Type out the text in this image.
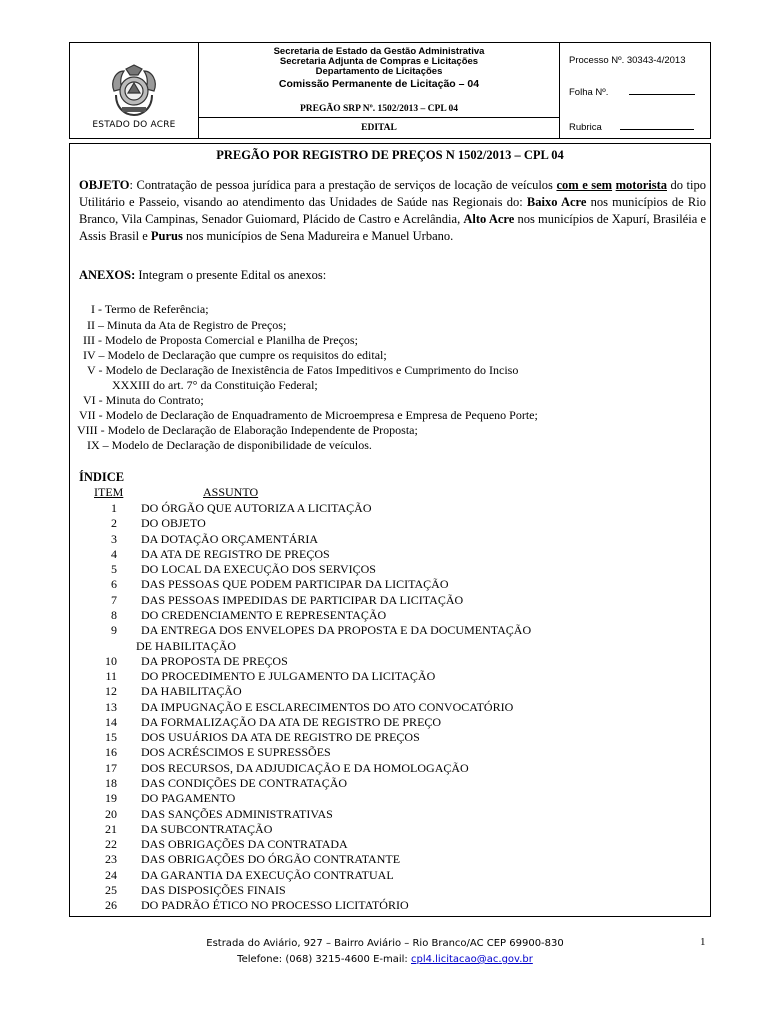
ESTADO DO ACRE
Secretaria de Estado da Gestão Administrativa
Secretaria Adjunta de Compras e Licitações
Departamento de Licitações
Comissão Permanente de Licitação – 04
PREGÃO SRP Nº. 1502/2013 – CPL 04
EDITAL
Processo Nº. 30343-4/2013
Folha Nº.
Rubrica
PREGÃO POR REGISTRO DE PREÇOS N 1502/2013 – CPL 04
OBJETO: Contratação de pessoa jurídica para a prestação de serviços de locação de veículos com e sem motorista do tipo Utilitário e Passeio, visando ao atendimento das Unidades de Saúde nas Regionais do: Baixo Acre nos municípios de Rio Branco, Vila Campinas, Senador Guiomard, Plácido de Castro e Acrelândia, Alto Acre nos municípios de Xapurí, Brasiléia e Assis Brasil e Purus nos municípios de Sena Madureira e Manuel Urbano.
ANEXOS: Integram o presente Edital os anexos:
I - Termo de Referência;
II – Minuta da Ata de Registro de Preços;
III - Modelo de Proposta Comercial e Planilha de Preços;
IV – Modelo de Declaração que cumpre os requisitos do edital;
V - Modelo de Declaração de Inexistência de Fatos Impeditivos e Cumprimento do Inciso
XXXIII do art. 7° da Constituição Federal;
VI - Minuta do Contrato;
VII - Modelo de Declaração de Enquadramento de Microempresa e Empresa de Pequeno Porte;
VIII - Modelo de Declaração de Elaboração Independente de Proposta;
IX – Modelo de Declaração de disponibilidade de veículos.
ÍNDICE
ITEM	ASSUNTO
1 DO ÓRGÃO QUE AUTORIZA A LICITAÇÃO
2 DO OBJETO
3 DA DOTAÇÃO ORÇAMENTÁRIA
4 DA ATA DE REGISTRO DE PREÇOS
5 DO LOCAL DA EXECUÇÃO DOS SERVIÇOS
6 DAS PESSOAS QUE PODEM PARTICIPAR DA LICITAÇÃO
7 DAS PESSOAS IMPEDIDAS DE PARTICIPAR DA LICITAÇÃO
8 DO CREDENCIAMENTO E REPRESENTAÇÃO
9 DA ENTREGA DOS ENVELOPES DA PROPOSTA E DA DOCUMENTAÇÃO
DE HABILITAÇÃO
10 DA PROPOSTA DE PREÇOS
11 DO PROCEDIMENTO E JULGAMENTO DA LICITAÇÃO
12 DA HABILITAÇÃO
13 DA IMPUGNAÇÃO E ESCLARECIMENTOS DO ATO CONVOCATÓRIO
14 DA FORMALIZAÇÃO DA ATA DE REGISTRO DE PREÇO
15 DOS USUÁRIOS DA ATA DE REGISTRO DE PREÇOS
16 DOS ACRÉSCIMOS E SUPRESSÕES
17 DOS RECURSOS, DA ADJUDICAÇÃO E DA HOMOLOGAÇÃO
18 DAS CONDIÇÕES DE CONTRATAÇÃO
19 DO PAGAMENTO
20 DAS SANÇÕES ADMINISTRATIVAS
21 DA SUBCONTRATAÇÃO
22 DAS OBRIGAÇÕES DA CONTRATADA
23 DAS OBRIGAÇÕES DO ÓRGÃO CONTRATANTE
24 DA GARANTIA DA EXECUÇÃO CONTRATUAL
25 DAS DISPOSIÇÕES FINAIS
26 DO PADRÃO ÉTICO NO PROCESSO LICITATÓRIO
Estrada do Aviário, 927 – Bairro Aviário – Rio Branco/AC CEP 69900-830
Telefone: (068) 3215-4600 E-mail: cpl4.licitacao@ac.gov.br
1
